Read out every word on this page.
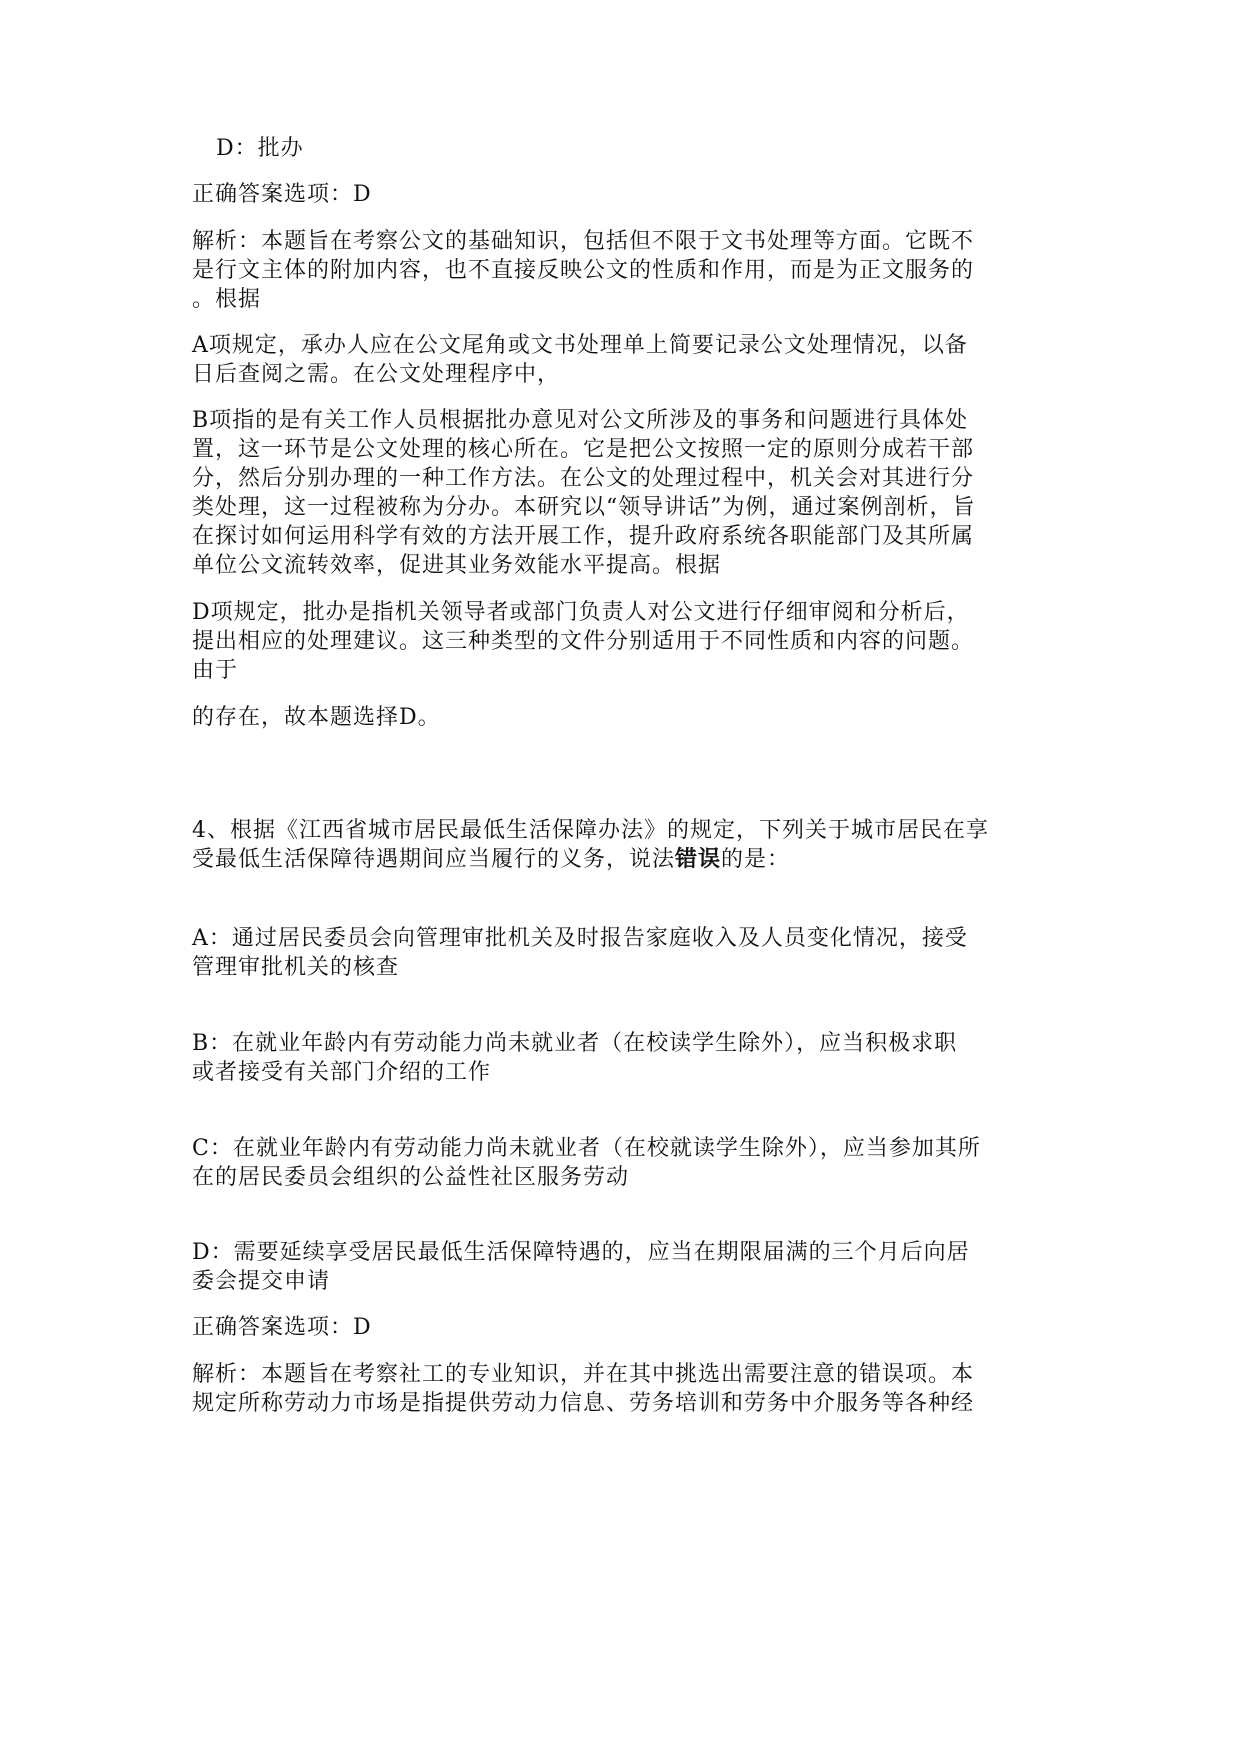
D：批办
正确答案选项：D
解析：本题旨在考察公文的基础知识，包括但不限于文书处理等方面。它既不
是行文主体的附加内容，也不直接反映公文的性质和作用，而是为正文服务的
。根据
A项规定，承办人应在公文尾角或文书处理单上简要记录公文处理情况，以备
日后查阅之需。在公文处理程序中，
B项指的是有关工作人员根据批办意见对公文所涉及的事务和问题进行具体处
置，这一环节是公文处理的核心所在。它是把公文按照一定的原则分成若干部
分，然后分别办理的一种工作方法。在公文的处理过程中，机关会对其进行分
类处理，这一过程被称为分办。本研究以“领导讲话”为例，通过案例剖析，旨
在探讨如何运用科学有效的方法开展工作，提升政府系统各职能部门及其所属
单位公文流转效率，促进其业务效能水平提高。根据
D项规定，批办是指机关领导者或部门负责人对公文进行仔细审阅和分析后，
提出相应的处理建议。这三种类型的文件分别适用于不同性质和内容的问题。
由于
的存在，故本题选择D。
4、根据《江西省城市居民最低生活保障办法》的规定，下列关于城市居民在享
受最低生活保障待遇期间应当履行的义务，说法错误的是：
A：通过居民委员会向管理审批机关及时报告家庭收入及人员变化情况，接受
管理审批机关的核查
B：在就业年龄内有劳动能力尚未就业者（在校读学生除外），应当积极求职
或者接受有关部门介绍的工作
C：在就业年龄内有劳动能力尚未就业者（在校就读学生除外），应当参加其所
在的居民委员会组织的公益性社区服务劳动
D：需要延续享受居民最低生活保障特遇的，应当在期限届满的三个月后向居
委会提交申请
正确答案选项：D
解析：本题旨在考察社工的专业知识，并在其中挑选出需要注意的错误项。本
规定所称劳动力市场是指提供劳动力信息、劳务培训和劳务中介服务等各种经
